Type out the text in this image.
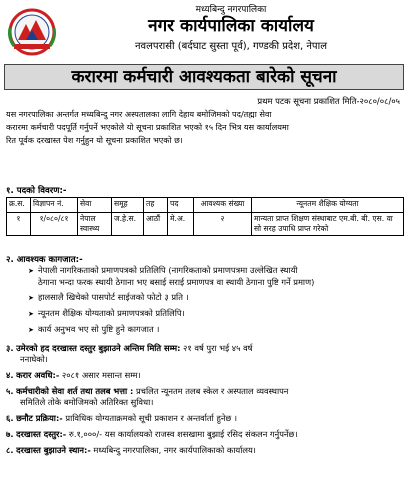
मध्यबिन्दु नगरपालिका
नगर कार्यपालिका कार्यालय
नवलपरासी (बर्दघाट सुस्ता पूर्व), गण्डकी प्रदेश, नेपाल
करारमा कर्मचारी आवश्यकता बारेको सूचना
प्रथम पटक सूचना प्रकाशित मिति-२०८०/०८/०५
यस नगरपालिका अन्तर्गत मध्यबिन्दु नगर अस्पतालका लागि देहाय बमोजिमको पद/तह्मा सेवा
करारमा कर्मचारी पदपूर्ति गर्नुपर्ने भएकोले यो सूचना प्रकाशित भएको १५ दिन भित्र यस कार्यालयमा
रित पूर्वक दरखास्त पेश गर्नुहुन यो सूचना प्रकाशित भएको छ।
१. पदको विवरण:-
क्र.स.	विज्ञापन नं.	सेवा	समूह	तह	पद	आवश्यक संख्या	न्यूनतम शैक्षिक योग्यता
१	१/०८०/८१	नेपाल स्वास्थ्य	ज.हे.स.	आठौं	मे.अ.	२	मान्यता प्राप्त शिक्षण संस्थाबाट एम.बी. बी. एस. वा सो सरह उपाधि प्राप्त गरेको
२. आवश्यक कागजात:-
➤नेपाली नागरिकताको प्रमाणपत्रको प्रतिलिपि (नागरिकताको प्रमाणपत्रमा उल्लेखित स्थायी
ठेगाना भन्दा फरक स्थायी ठेगाना भए बसाई सराई प्रमाणपत्र वा स्थायी ठेगाना पुष्टि गर्ने प्रमाण)
➤हालसालै खिचेको पासपोर्ट साईजको फोटो ३ प्रति ।
➤न्यूनतम शैक्षिक योग्यताको प्रमाणपत्रको प्रतिलिपि।
➤कार्य अनुभव भए सो पुष्टि हुने कागजात ।
३. उमेरको हद दरखास्त दस्तुर बुझाउने अन्तिम मिति सम्म: २१ वर्ष पुरा भई ४५ वर्ष
ननाघेको।
४. करार अवधि:- २०८१ असार मसान्त सम्म।
५. कर्मचारीको सेवा शर्त तथा तलब भत्ता : प्रचलित न्यूनतम तलब स्केल र अस्पताल व्यवस्थापन
समितिले तोके बमोजिमको अतिरिक्त सुविधा।
६. छनौट प्रक्रिया:- प्राविधिक योग्यताक्रमको सूची प्रकाशन र अन्तर्वार्ता हुनेछ ।
७. दरखास्त दस्तुर:- रु.१,०००/- यस कार्यालयको राजस्व शसखामा बुझाई रसिद संकलन गर्नुपर्नेछ।
८. दरखास्त बुझाउने स्थान:- मध्यबिन्दु नगरपालिका, नगर कार्यपालिकाको कार्यालय।
